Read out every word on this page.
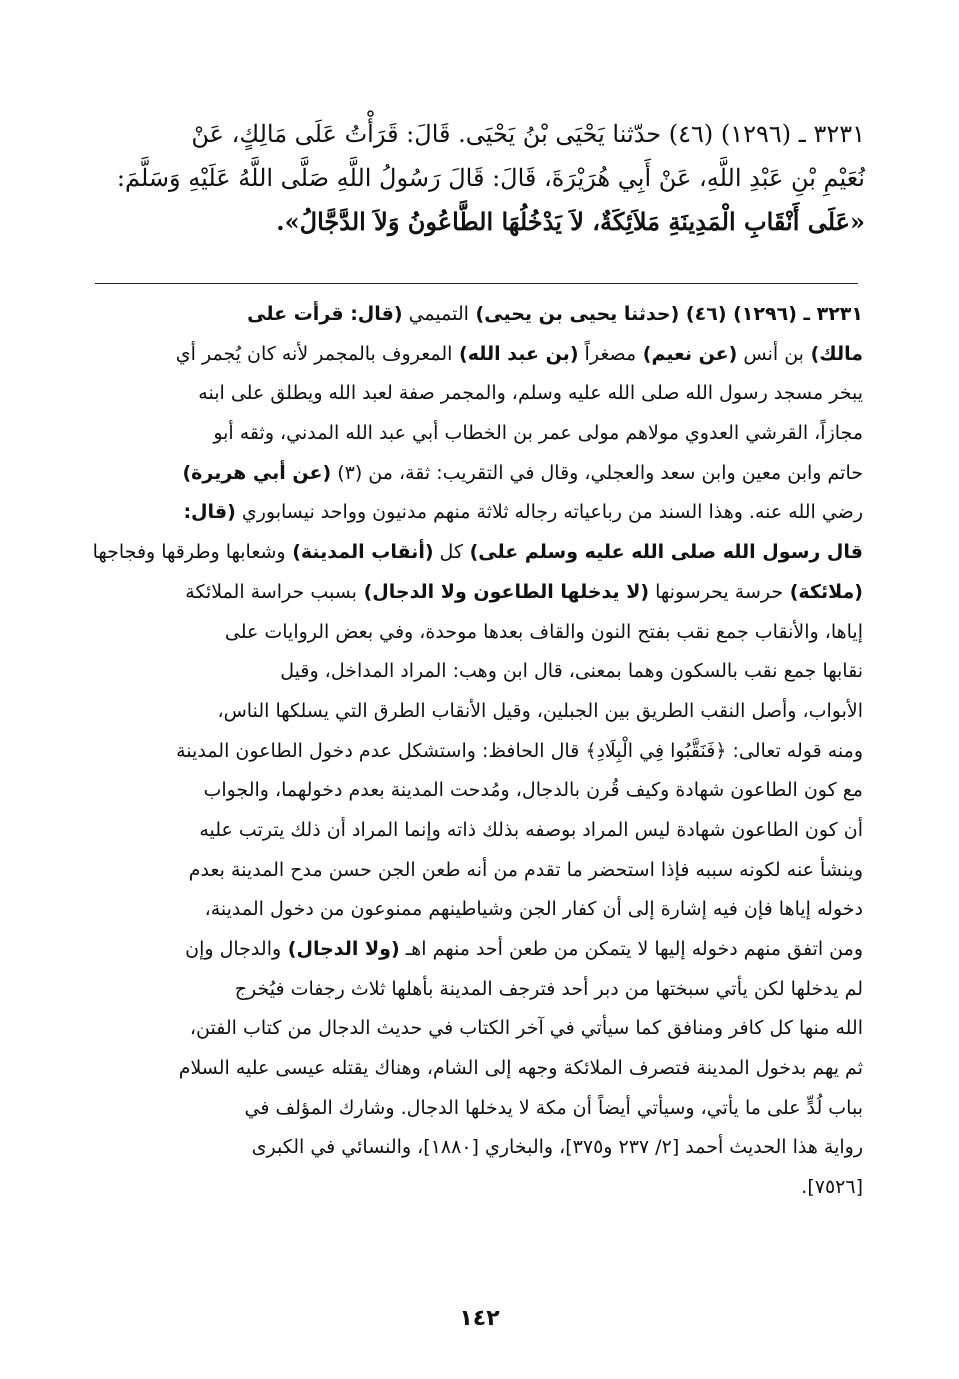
٣٢٣١ ـ (١٢٩٦) (٤٦) حدّثنا يَحْيَى بْنُ يَحْيَى. قَالَ: قَرَأْتُ عَلَى مَالِكٍ، عَنْ
نُعَيْمِ بْنِ عَبْدِ اللَّهِ، عَنْ أَبِي هُرَيْرَةَ، قَالَ: قَالَ رَسُولُ اللَّهِ صَلَّى اللَّهُ عَلَيْهِ وَسَلَّمَ:
«عَلَى أَنْقَابِ الْمَدِينَةِ مَلاَئِكَةٌ، لاَ يَدْخُلُهَا الطَّاعُونُ وَلاَ الدَّجَّالُ».
٣٢٣١ ـ (١٢٩٦) (٤٦) (حدثنا يحيى بن يحيى) التميمي (قال: قرأت على
مالك) بن أنس (عن نعيم) مصغراً (بن عبد الله) المعروف بالمجمر لأنه كان يُجمر أي
يبخر مسجد رسول الله صلى الله عليه وسلم، والمجمر صفة لعبد الله ويطلق على ابنه
مجازاً، القرشي العدوي مولاهم مولى عمر بن الخطاب أبي عبد الله المدني، وثقه أبو
حاتم وابن معين وابن سعد والعجلي، وقال في التقريب: ثقة، من (٣) (عن أبي هريرة)
رضي الله عنه. وهذا السند من رباعياته رجاله ثلاثة منهم مدنيون وواحد نيسابوري (قال:
قال رسول الله صلى الله عليه وسلم على) كل (أنقاب المدينة) وشعابها وطرقها وفجاجها
(ملائكة) حرسة يحرسونها (لا يدخلها الطاعون ولا الدجال) بسبب حراسة الملائكة
إياها، والأنقاب جمع نقب بفتح النون والقاف بعدها موحدة، وفي بعض الروايات على
نقابها جمع نقب بالسكون وهما بمعنى، قال ابن وهب: المراد المداخل، وقيل
الأبواب، وأصل النقب الطريق بين الجبلين، وقيل الأنقاب الطرق التي يسلكها الناس،
ومنه قوله تعالى: ﴿فَنَقَّبُوا فِي الْبِلَادِ﴾ قال الحافظ: واستشكل عدم دخول الطاعون المدينة
مع كون الطاعون شهادة وكيف قُرن بالدجال، ومُدحت المدينة بعدم دخولهما، والجواب
أن كون الطاعون شهادة ليس المراد بوصفه بذلك ذاته وإنما المراد أن ذلك يترتب عليه
وينشأ عنه لكونه سببه فإذا استحضر ما تقدم من أنه طعن الجن حسن مدح المدينة بعدم
دخوله إياها فإن فيه إشارة إلى أن كفار الجن وشياطينهم ممنوعون من دخول المدينة،
ومن اتفق منهم دخوله إليها لا يتمكن من طعن أحد منهم اهـ (ولا الدجال) والدجال وإن
لم يدخلها لكن يأتي سبختها من دبر أحد فترجف المدينة بأهلها ثلاث رجفات فيُخرج
الله منها كل كافر ومنافق كما سيأتي في آخر الكتاب في حديث الدجال من كتاب الفتن،
ثم يهم بدخول المدينة فتصرف الملائكة وجهه إلى الشام، وهناك يقتله عيسى عليه السلام
بباب لُدٍّ على ما يأتي، وسيأتي أيضاً أن مكة لا يدخلها الدجال. وشارك المؤلف في
رواية هذا الحديث أحمد [٢/ ٢٣٧ و٣٧٥]، والبخاري [١٨٨٠]، والنسائي في الكبرى
[٧٥٢٦].
١٤٢
